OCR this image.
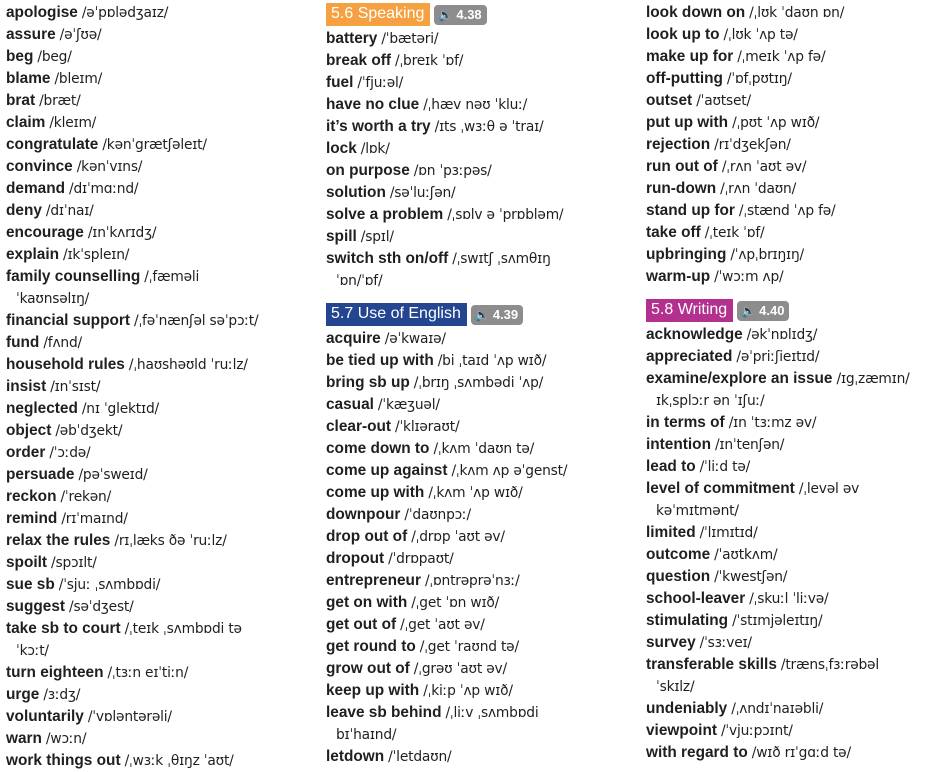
apologise /əˈpɒlədʒaɪz/
assure /əˈʃʊə/
beg /beg/
blame /bleɪm/
brat /bræt/
claim /kleɪm/
congratulate /kənˈgrætʃəleɪt/
convince /kənˈvɪns/
demand /dɪˈmɑːnd/
deny /dɪˈnaɪ/
encourage /ɪnˈkʌrɪdʒ/
explain /ɪkˈspleɪn/
family counselling /ˌfæməli
ˈkaʊnsəlɪŋ/
financial support /ˌfəˈnænʃəl səˈpɔːt/
fund /fʌnd/
household rules /ˌhaʊshəʊld ˈruːlz/
insist /ɪnˈsɪst/
neglected /nɪ ˈglektɪd/
object /əbˈdʒekt/
order /ˈɔːdə/
persuade /pəˈsweɪd/
reckon /ˈrekən/
remind /rɪˈmaɪnd/
relax the rules /rɪˌlæks ðə ˈruːlz/
spoilt /spɔɪlt/
sue sb /ˈsjuː ˌsʌmbɒdi/
suggest /səˈdʒest/
take sb to court /ˌteɪk ˌsʌmbɒdi tə
ˈkɔːt/
turn eighteen /ˌtɜːn eɪˈtiːn/
urge /ɜːdʒ/
voluntarily /ˈvɒləntərəli/
warn /wɔːn/
work things out /ˌwɜːk ˌθɪŋz ˈaʊt/
5.6 Speaking	🔈 4.38
battery /ˈbætəri/
break off /ˌbreɪk ˈɒf/
fuel /ˈfjuːəl/
have no clue /ˌhæv nəʊ ˈkluː/
it’s worth a try /ɪts ˌwɜːθ ə ˈtraɪ/
lock /lɒk/
on purpose /ɒn ˈpɜːpəs/
solution /səˈluːʃən/
solve a problem /ˌsɒlv ə ˈprɒbləm/
spill /spɪl/
switch sth on/off /ˌswɪtʃ ˌsʌmθɪŋ
ˈɒn/ˈɒf/
5.7 Use of English	🔈 4.39
acquire /əˈkwaɪə/
be tied up with /bi ˌtaɪd ˈʌp wɪð/
bring sb up /ˌbrɪŋ ˌsʌmbədi ˈʌp/
casual /ˈkæʒuəl/
clear-out /ˈklɪəraʊt/
come down to /ˌkʌm ˈdaʊn tə/
come up against /ˌkʌm ʌp əˈgenst/
come up with /ˌkʌm ˈʌp wɪð/
downpour /ˈdaʊnpɔː/
drop out of /ˌdrɒp ˈaʊt əv/
dropout /ˈdrɒpaʊt/
entrepreneur /ˌɒntrəprəˈnɜː/
get on with /ˌget ˈɒn wɪð/
get out of /ˌget ˈaʊt əv/
get round to /ˌget ˈraʊnd tə/
grow out of /ˌgrəʊ ˈaʊt əv/
keep up with /ˌkiːp ˈʌp wɪð/
leave sb behind /ˌliːv ˌsʌmbɒdi
bɪˈhaɪnd/
letdown /ˈletdaʊn/
look down on /ˌlʊk ˈdaʊn ɒn/
look up to /ˌlʊk ˈʌp tə/
make up for /ˌmeɪk ˈʌp fə/
off-putting /ˈɒfˌpʊtɪŋ/
outset /ˈaʊtset/
put up with /ˌpʊt ˈʌp wɪð/
rejection /rɪˈdʒekʃən/
run out of /ˌrʌn ˈaʊt əv/
run-down /ˌrʌn ˈdaʊn/
stand up for /ˌstænd ˈʌp fə/
take off /ˌteɪk ˈɒf/
upbringing /ˈʌpˌbrɪŋɪŋ/
warm-up /ˈwɔːm ʌp/
5.8 Writing	🔈 4.40
acknowledge /əkˈnɒlɪdʒ/
appreciated /əˈpriːʃieɪtɪd/
examine/explore an issue /ɪgˌzæmɪn/
ɪkˌsplɔːr ən ˈɪʃuː/
in terms of /ɪn ˈtɜːmz əv/
intention /ɪnˈtenʃən/
lead to /ˈliːd tə/
level of commitment /ˌlevəl əv
kəˈmɪtmənt/
limited /ˈlɪmɪtɪd/
outcome /ˈaʊtkʌm/
question /ˈkwestʃən/
school-leaver /ˌskuːl ˈliːvə/
stimulating /ˈstɪmjəleɪtɪŋ/
survey /ˈsɜːveɪ/
transferable skills /trænsˌfɜːrəbəl
ˈskɪlz/
undeniably /ˌʌndɪˈnaɪəbli/
viewpoint /ˈvjuːpɔɪnt/
with regard to /wɪð rɪˈgɑːd tə/
